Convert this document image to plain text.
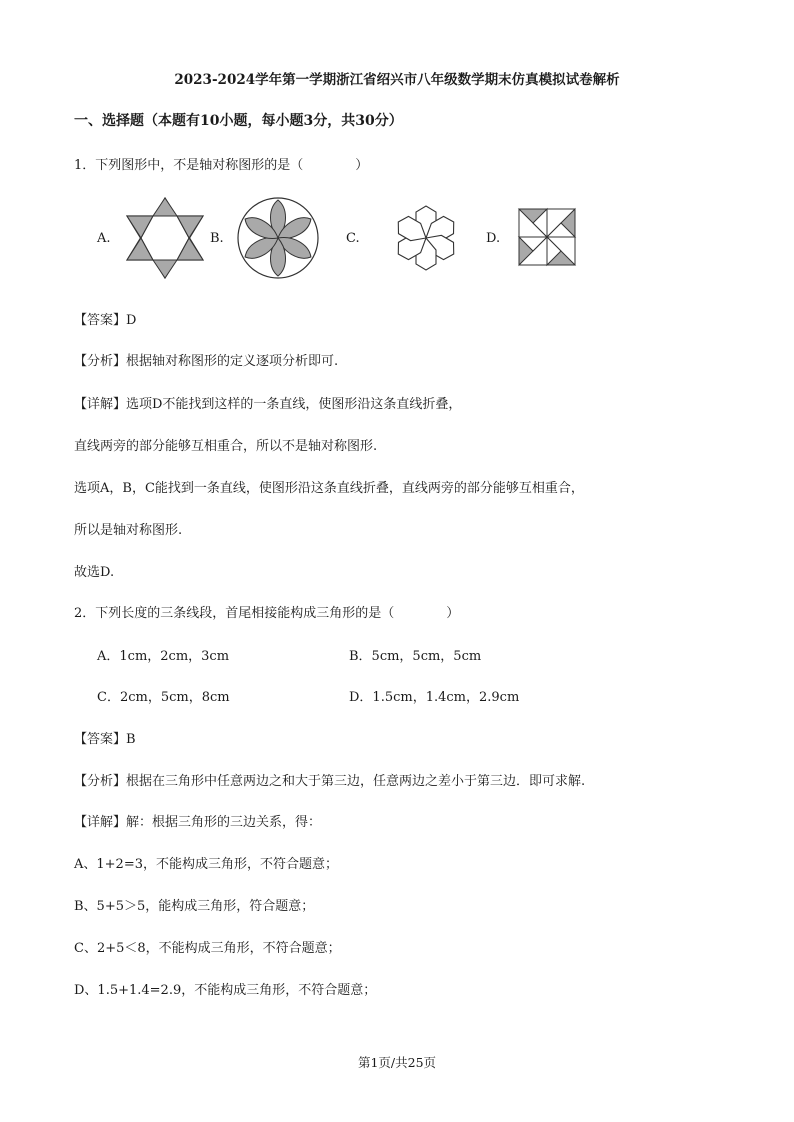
2023-2024学年第一学期浙江省绍兴市八年级数学期末仿真模拟试卷解析
一、选择题（本题有10小题，每小题3分，共30分）
1．下列图形中，不是轴对称图形的是（　　　　）
A.	B.	C.	D.
【答案】D
【分析】根据轴对称图形的定义逐项分析即可.
【详解】选项D不能找到这样的一条直线，使图形沿这条直线折叠，
直线两旁的部分能够互相重合，所以不是轴对称图形.
选项A，B，C能找到一条直线，使图形沿这条直线折叠，直线两旁的部分能够互相重合，
所以是轴对称图形.
故选D.
2．下列长度的三条线段，首尾相接能构成三角形的是（　　　　）
A．1cm，2cm，3cm	B．5cm，5cm，5cm
C．2cm，5cm，8cm	D．1.5cm，1.4cm，2.9cm
【答案】B
【分析】根据在三角形中任意两边之和大于第三边，任意两边之差小于第三边．即可求解.
【详解】解：根据三角形的三边关系，得：
A、1+2=3，不能构成三角形，不符合题意；
B、5+5＞5，能构成三角形，符合题意；
C、2+5＜8，不能构成三角形，不符合题意；
D、1.5+1.4=2.9，不能构成三角形，不符合题意；
第1页/共25页
